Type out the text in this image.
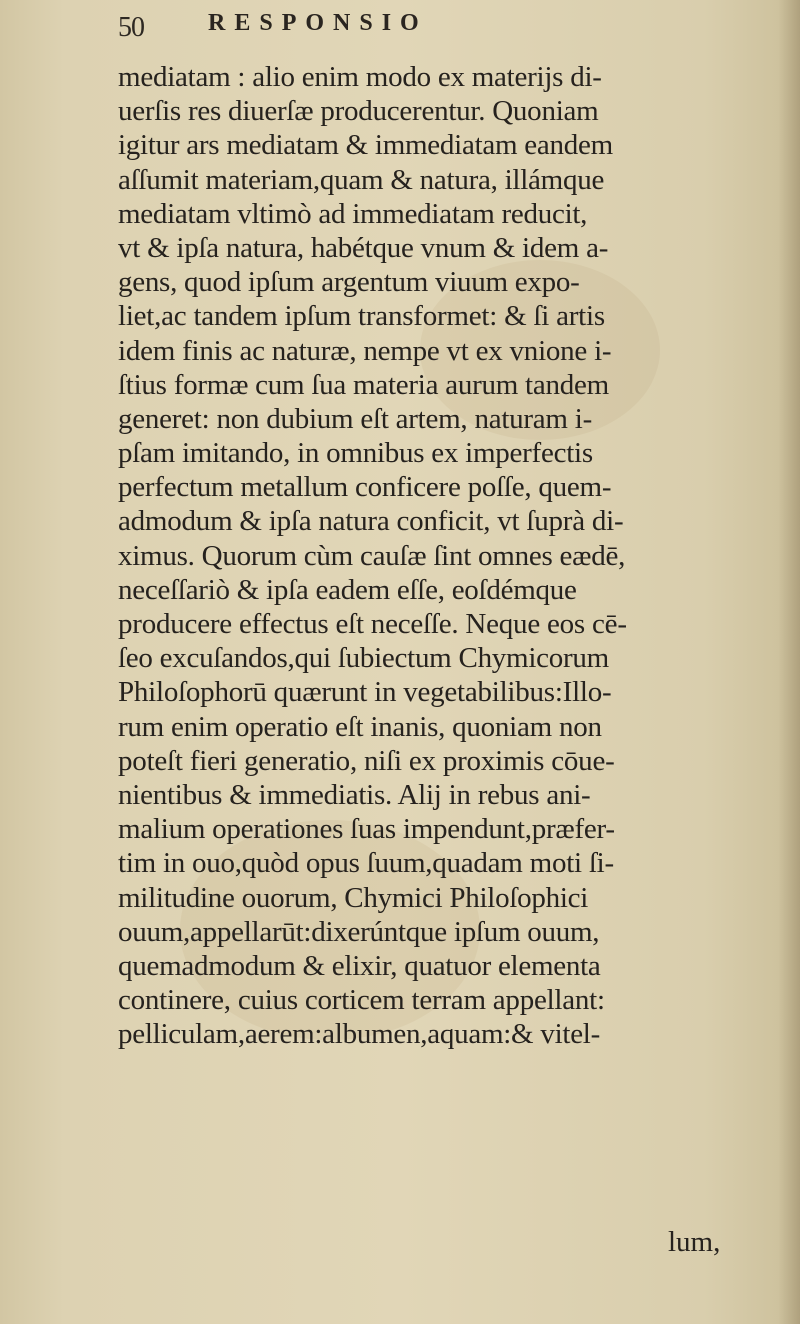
50	RESPONSIO
mediatam : alio enim modo ex materijs di-
uerſis res diuerſæ producerentur. Quoniam
igitur ars mediatam & immediatam eandem
aſſumit materiam,quam & natura, illámque
mediatam vltimò ad immediatam reducit,
vt & ipſa natura, habétque vnum & idem a-
gens, quod ipſum argentum viuum expo-
liet,ac tandem ipſum transformet: & ſi artis
idem finis ac naturæ, nempe vt ex vnione i-
ſtius formæ cum ſua materia aurum tandem
generet: non dubium eſt artem, naturam i-
pſam imitando, in omnibus ex imperfectis
perfectum metallum conficere poſſe, quem-
admodum & ipſa natura conficit, vt ſuprà di-
ximus. Quorum cùm cauſæ ſint omnes eædē,
neceſſariò & ipſa eadem eſſe, eoſdémque
producere effectus eſt neceſſe. Neque eos cē-
ſeo excuſandos,qui ſubiectum Chymicorum
Philoſophorū quærunt in vegetabilibus:Illo-
rum enim operatio eſt inanis, quoniam non
poteſt fieri generatio, niſi ex proximis cōue-
nientibus & immediatis. Alij in rebus ani-
malium operationes ſuas impendunt,præfer-
tim in ouo,quòd opus ſuum,quadam moti ſi-
militudine ouorum, Chymici Philoſophici
ouum,appellarūt:dixerúntque ipſum ouum,
quemadmodum & elixir, quatuor elementa
continere, cuius corticem terram appellant:
pelliculam,aerem:albumen,aquam:& vitel-
lum,
